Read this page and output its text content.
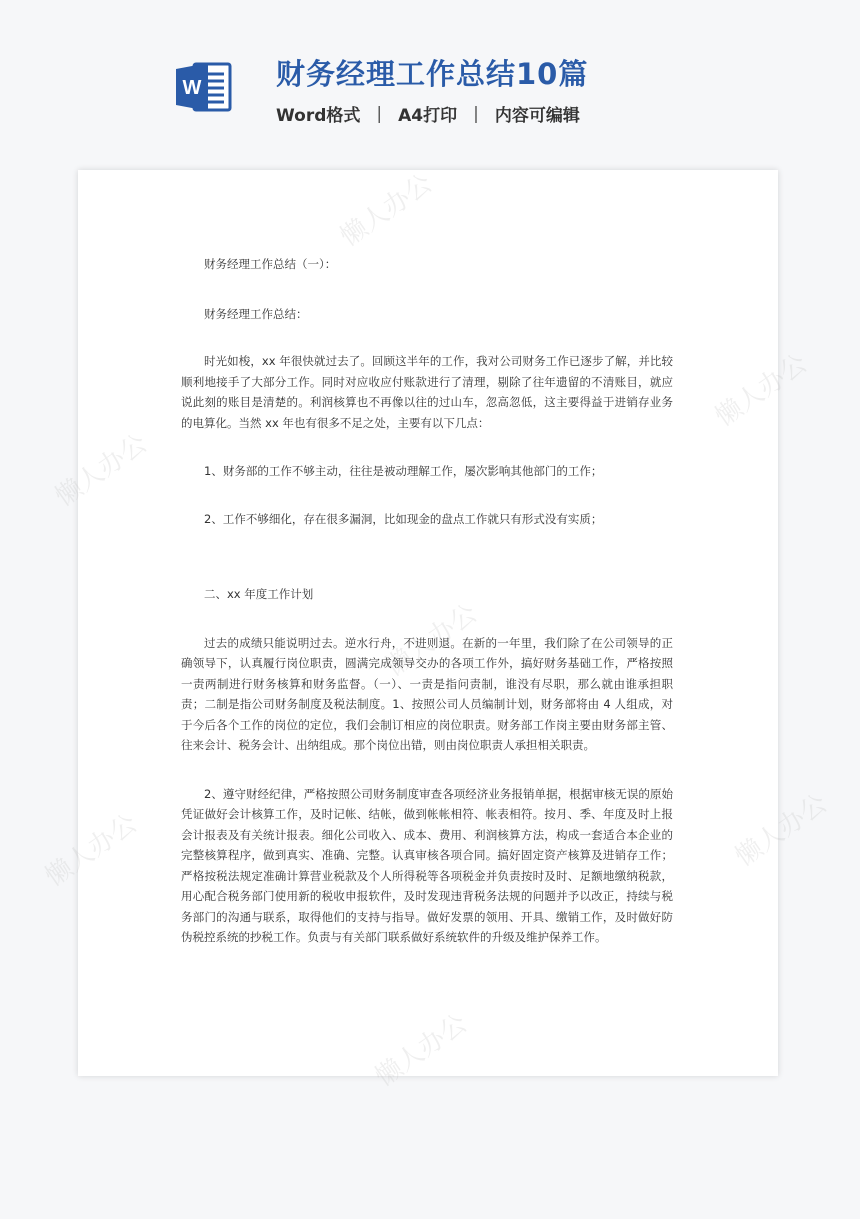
W	财务经理工作总结10篇
Word格式 | A4打印 | 内容可编辑
懒人办公
懒人办公
懒人办公
懒人办公
懒人办公
懒人办公
懒人办公

财务经理工作总结（一）：

财务经理工作总结：

时光如梭，xx 年很快就过去了。回顾这半年的工作，我对公司财务工作已逐步了解，并比较顺利地接手了大部分工作。同时对应收应付账款进行了清理，剔除了往年遗留的不清账目，就应说此刻的账目是清楚的。利润核算也不再像以往的过山车，忽高忽低，这主要得益于进销存业务的电算化。当然 xx 年也有很多不足之处，主要有以下几点：

1、财务部的工作不够主动，往往是被动理解工作，屡次影响其他部门的工作；

2、工作不够细化，存在很多漏洞，比如现金的盘点工作就只有形式没有实质；

二、xx 年度工作计划

过去的成绩只能说明过去。逆水行舟，不进则退。在新的一年里，我们除了在公司领导的正确领导下，认真履行岗位职责，圆满完成领导交办的各项工作外，搞好财务基础工作，严格按照一责两制进行财务核算和财务监督。（一）、一责是指问责制，谁没有尽职，那么就由谁承担职责；二制是指公司财务制度及税法制度。1、按照公司人员编制计划，财务部将由 4 人组成，对于今后各个工作的岗位的定位，我们会制订相应的岗位职责。财务部工作岗主要由财务部主管、往来会计、税务会计、出纳组成。那个岗位出错，则由岗位职责人承担相关职责。

2、遵守财经纪律，严格按照公司财务制度审查各项经济业务报销单据，根据审核无误的原始凭证做好会计核算工作，及时记帐、结帐，做到帐帐相符、帐表相符。按月、季、年度及时上报会计报表及有关统计报表。细化公司收入、成本、费用、利润核算方法，构成一套适合本企业的完整核算程序，做到真实、准确、完整。认真审核各项合同。搞好固定资产核算及进销存工作；严格按税法规定准确计算营业税款及个人所得税等各项税金并负责按时及时、足额地缴纳税款，用心配合税务部门使用新的税收申报软件，及时发现违背税务法规的问题并予以改正，持续与税务部门的沟通与联系，取得他们的支持与指导。做好发票的领用、开具、缴销工作，及时做好防伪税控系统的抄税工作。负责与有关部门联系做好系统软件的升级及维护保养工作。
